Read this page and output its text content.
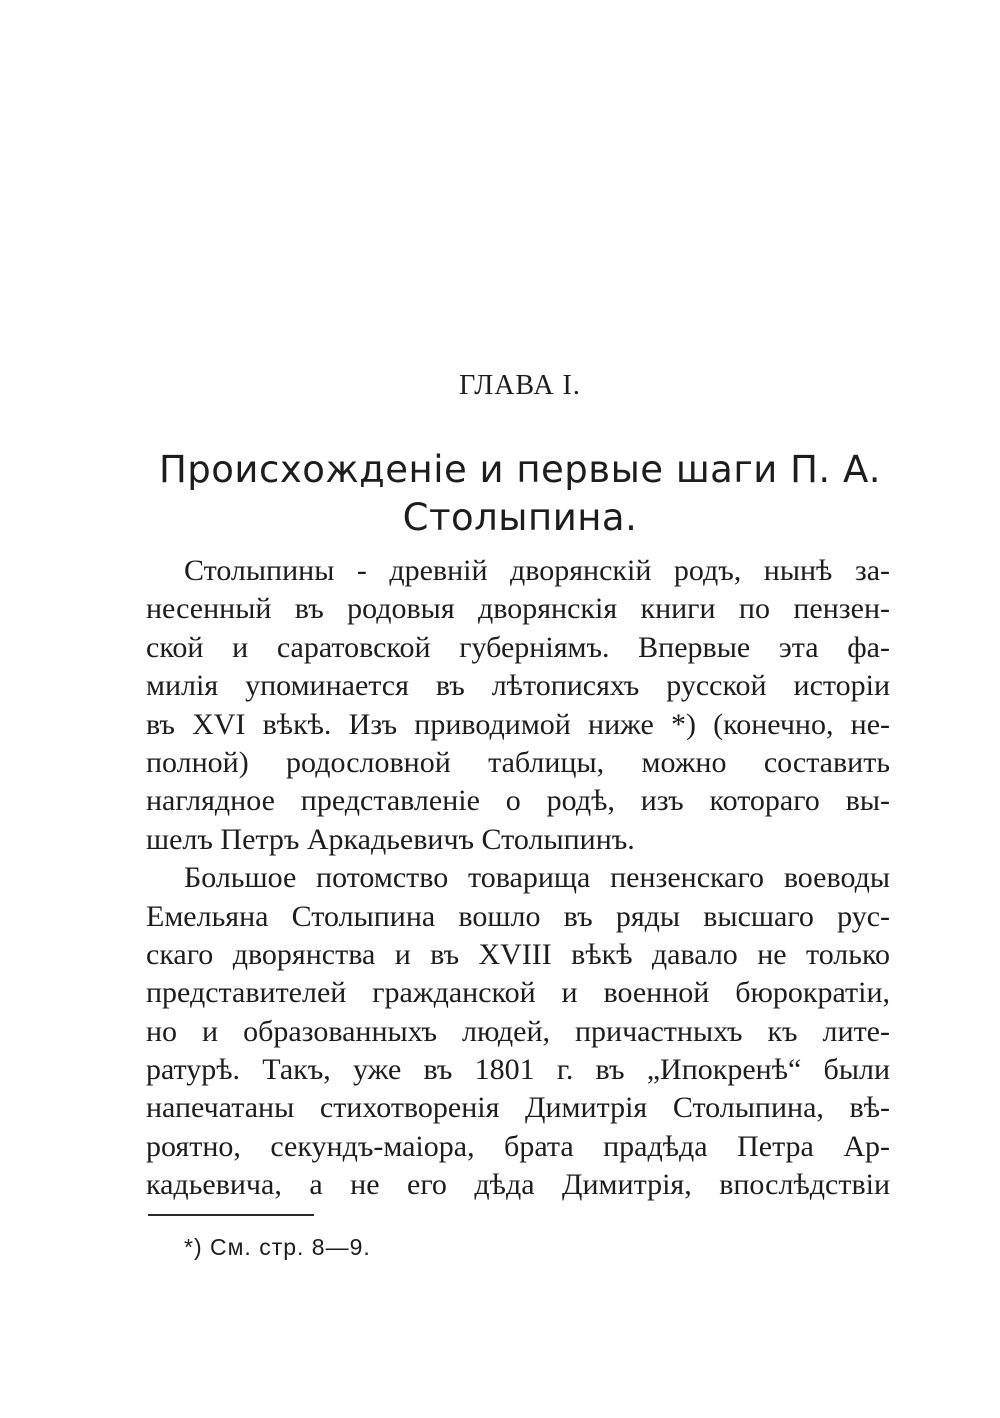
ГЛАВА I.
Происхожденіе и первые шаги П. А.
Столыпина.
Столыпины - древній дворянскій родъ, нынѣ за-
несенный въ родовыя дворянскія книги по пензен-
ской и саратовской губерніямъ. Впервые эта фа-
милія упоминается въ лѣтописяхъ русской исторіи
въ XVI вѣкѣ. Изъ приводимой ниже *) (конечно, не-
полной) родословной таблицы, можно составить
наглядное представленіе о родѣ, изъ котораго вы-
шелъ Петръ Аркадьевичъ Столыпинъ.
Большое потомство товарища пензенскаго воеводы
Емельяна Столыпина вошло въ ряды высшаго рус-
скаго дворянства и въ XVIII вѣкѣ давало не только
представителей гражданской и военной бюрократіи,
но и образованныхъ людей, причастныхъ къ лите-
ратурѣ. Такъ, уже въ 1801 г. въ „Ипокренѣ“ были
напечатаны стихотворенія Димитрія Столыпина, вѣ-
роятно, секундъ-маіора, брата прадѣда Петра Ар-
кадьевича, а не его дѣда Димитрія, впослѣдствіи
*) См. стр. 8—9.
